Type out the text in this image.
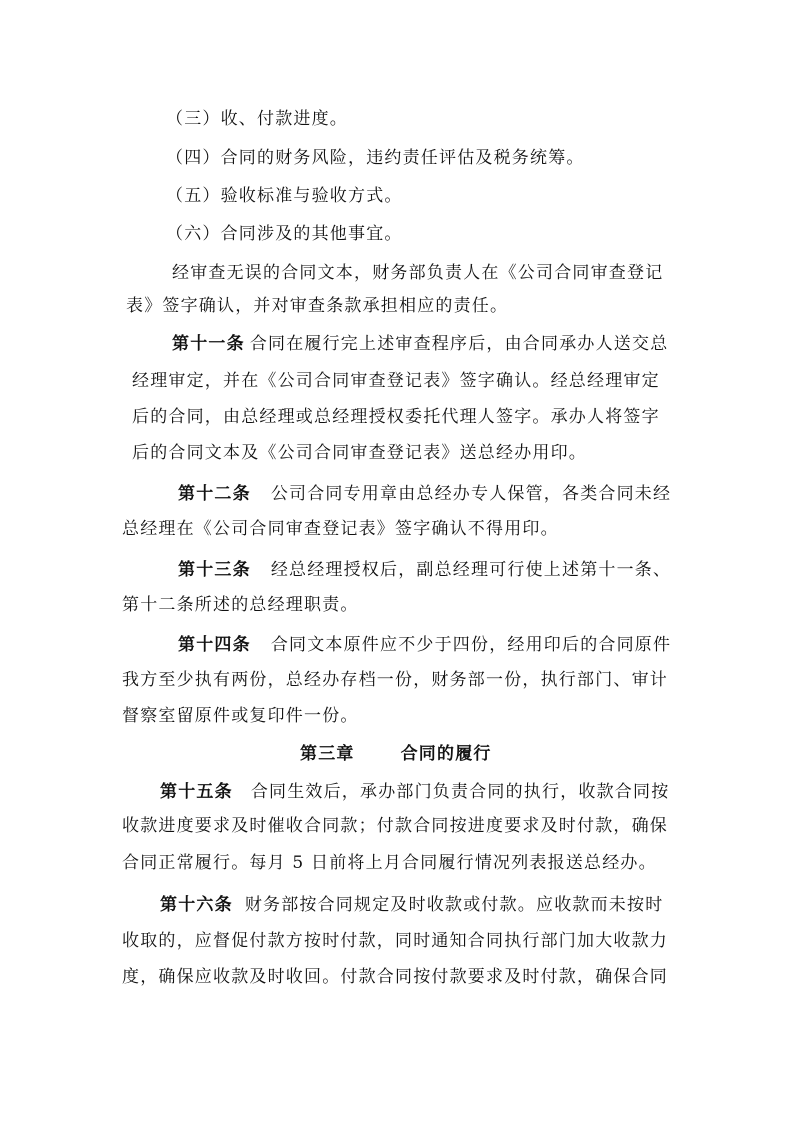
（三）收、付款进度。
（四）合同的财务风险，违约责任评估及税务统筹。
（五）验收标准与验收方式。
（六）合同涉及的其他事宜。
经审查无误的合同文本，财务部负责人在《公司合同审查登记
表》签字确认，并对审查条款承担相应的责任。
第十一条 合同在履行完上述审查程序后，由合同承办人送交总
经理审定，并在《公司合同审查登记表》签字确认。经总经理审定
后的合同，由总经理或总经理授权委托代理人签字。承办人将签字
后的合同文本及《公司合同审查登记表》送总经办用印。
第十二条 公司合同专用章由总经办专人保管，各类合同未经
总经理在《公司合同审查登记表》签字确认不得用印。
第十三条 经总经理授权后，副总经理可行使上述第十一条、
第十二条所述的总经理职责。
第十四条 合同文本原件应不少于四份，经用印后的合同原件
我方至少执有两份，总经办存档一份，财务部一份，执行部门、审计
督察室留原件或复印件一份。
第三章	合同的履行
第十五条 合同生效后，承办部门负责合同的执行，收款合同按
收款进度要求及时催收合同款；付款合同按进度要求及时付款，确保
合同正常履行。每月 5 日前将上月合同履行情况列表报送总经办。
第十六条 财务部按合同规定及时收款或付款。应收款而未按时
收取的，应督促付款方按时付款，同时通知合同执行部门加大收款力
度，确保应收款及时收回。付款合同按付款要求及时付款，确保合同
